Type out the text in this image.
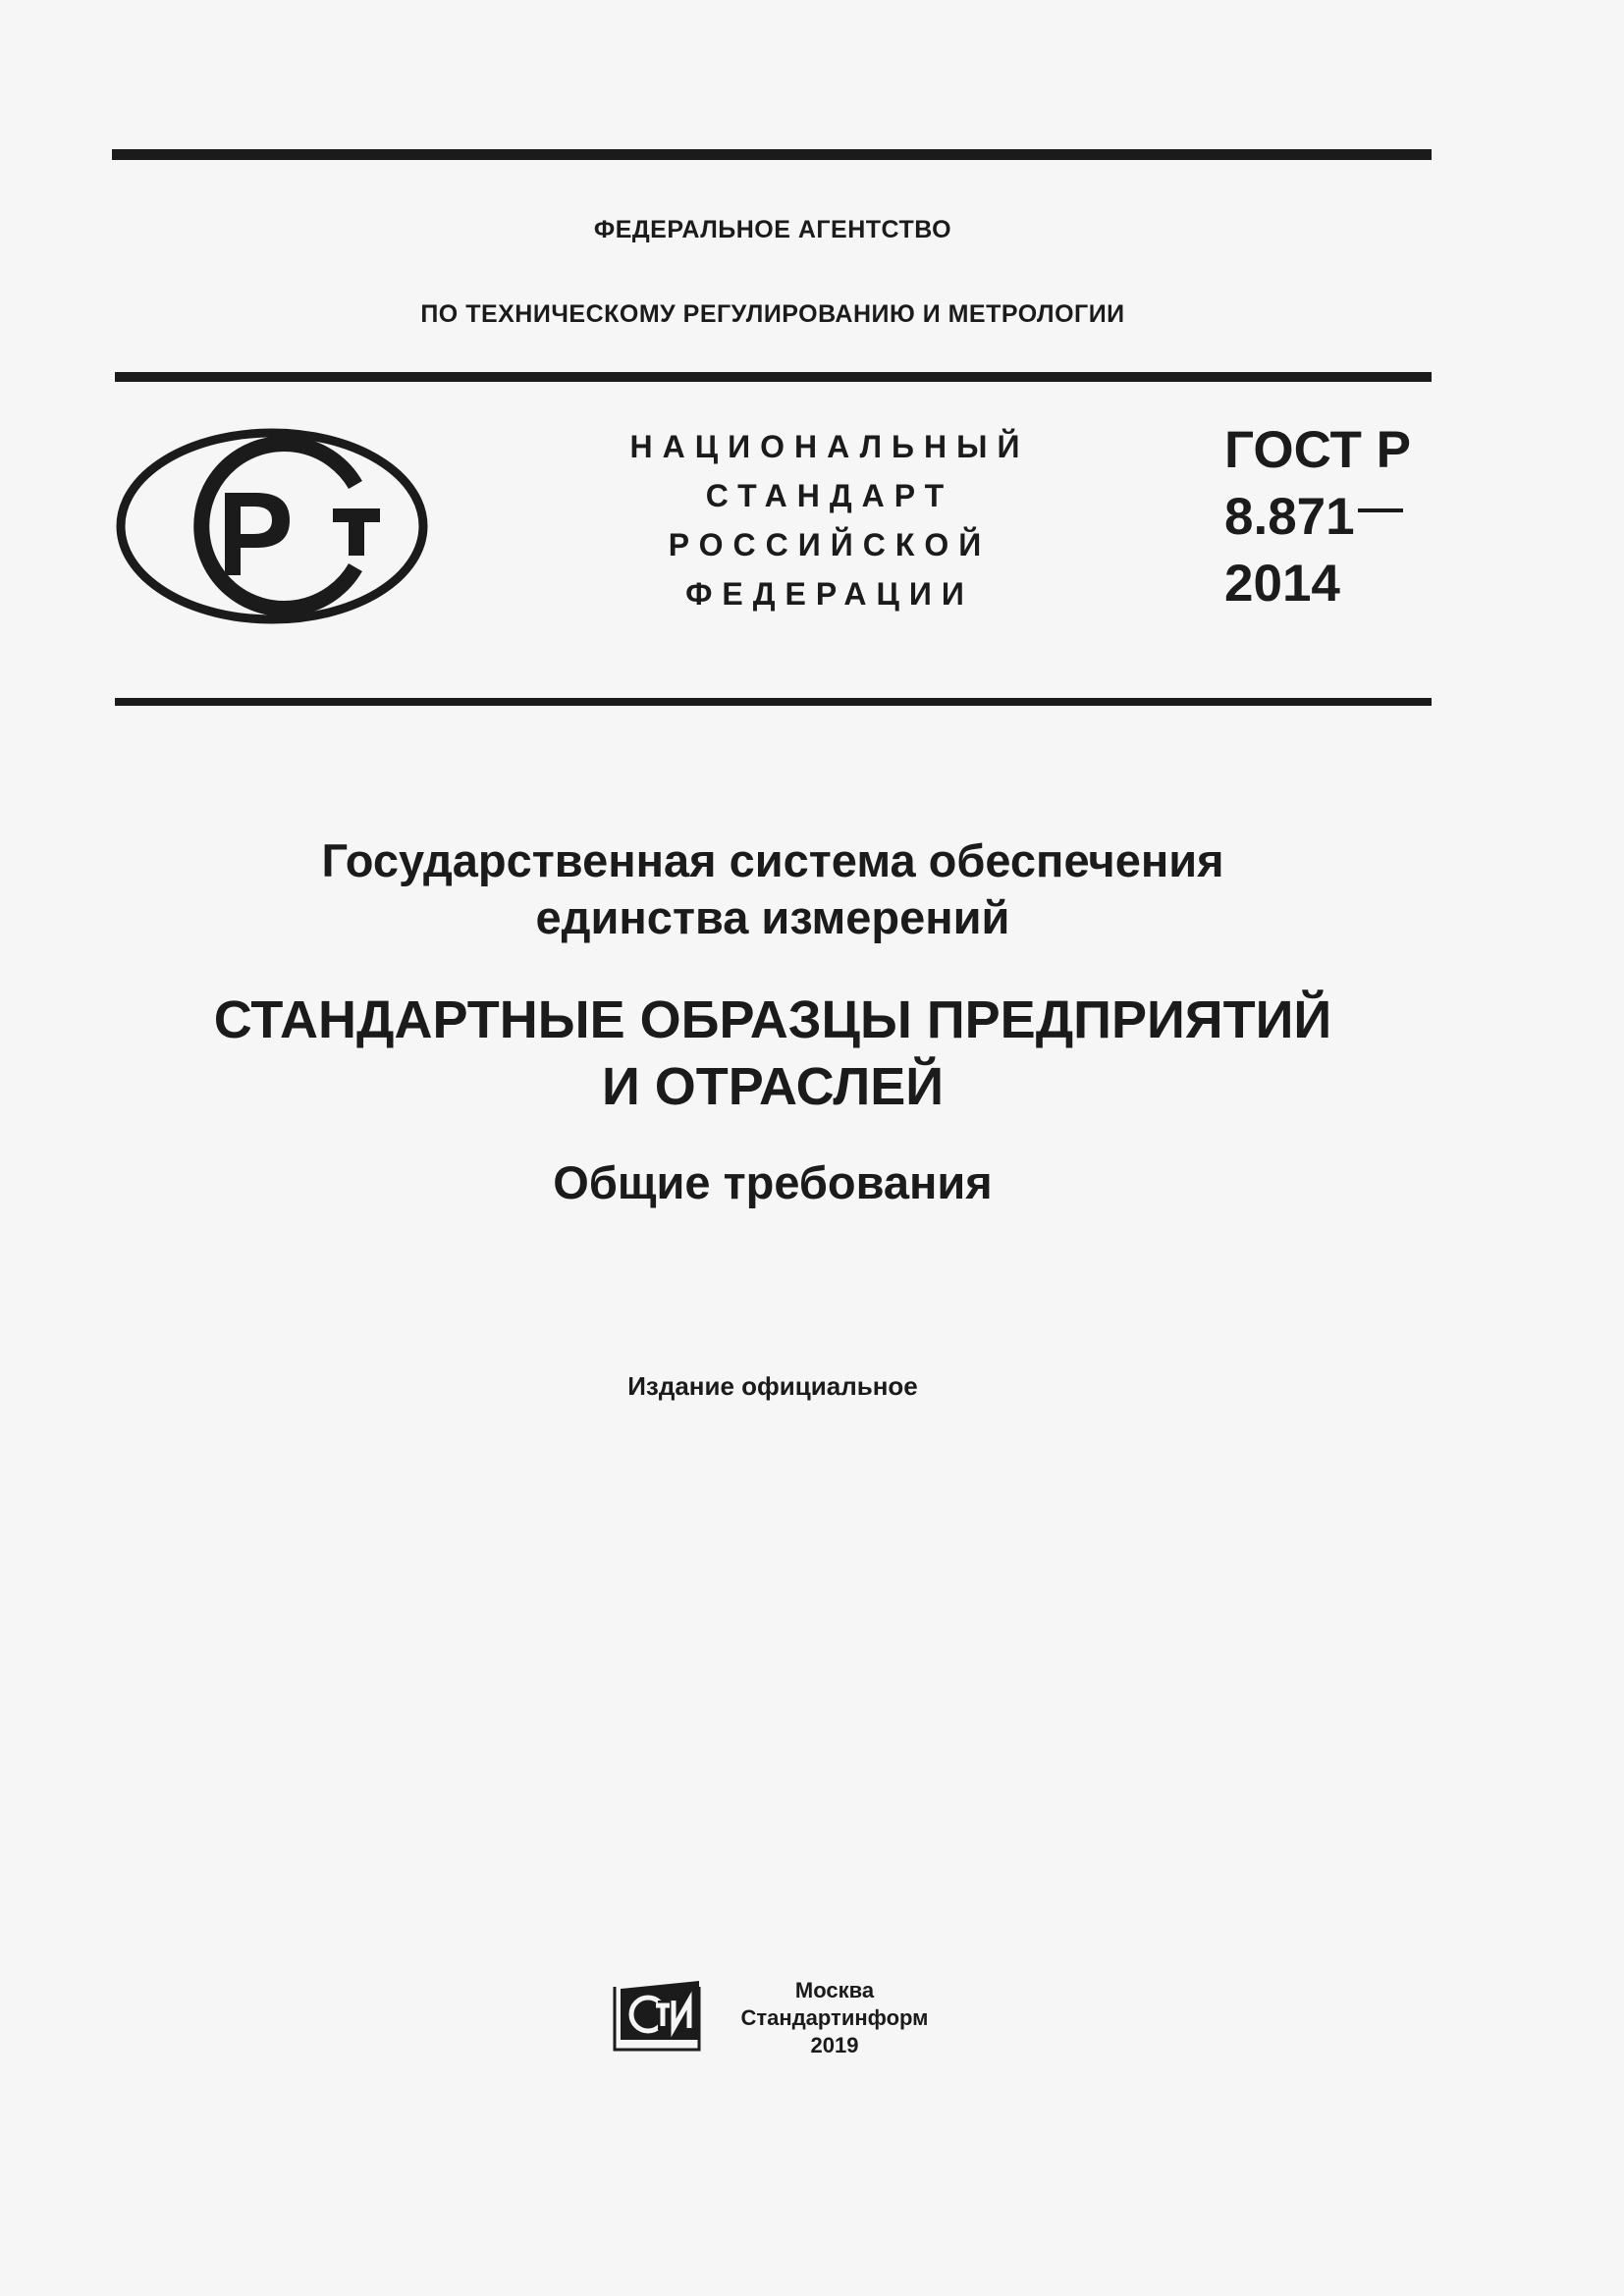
ФЕДЕРАЛЬНОЕ АГЕНТСТВО
ПО ТЕХНИЧЕСКОМУ РЕГУЛИРОВАНИЮ И МЕТРОЛОГИИ
НАЦИОНАЛЬНЫЙ
СТАНДАРТ
РОССИЙСКОЙ
ФЕДЕРАЦИИ
ГОСТ Р
8.871
2014
Государственная система обеспечения
единства измерений
СТАНДАРТНЫЕ ОБРАЗЦЫ ПРЕДПРИЯТИЙ
И ОТРАСЛЕЙ
Общие требования
Издание официальное
Москва
Стандартинформ
2019
